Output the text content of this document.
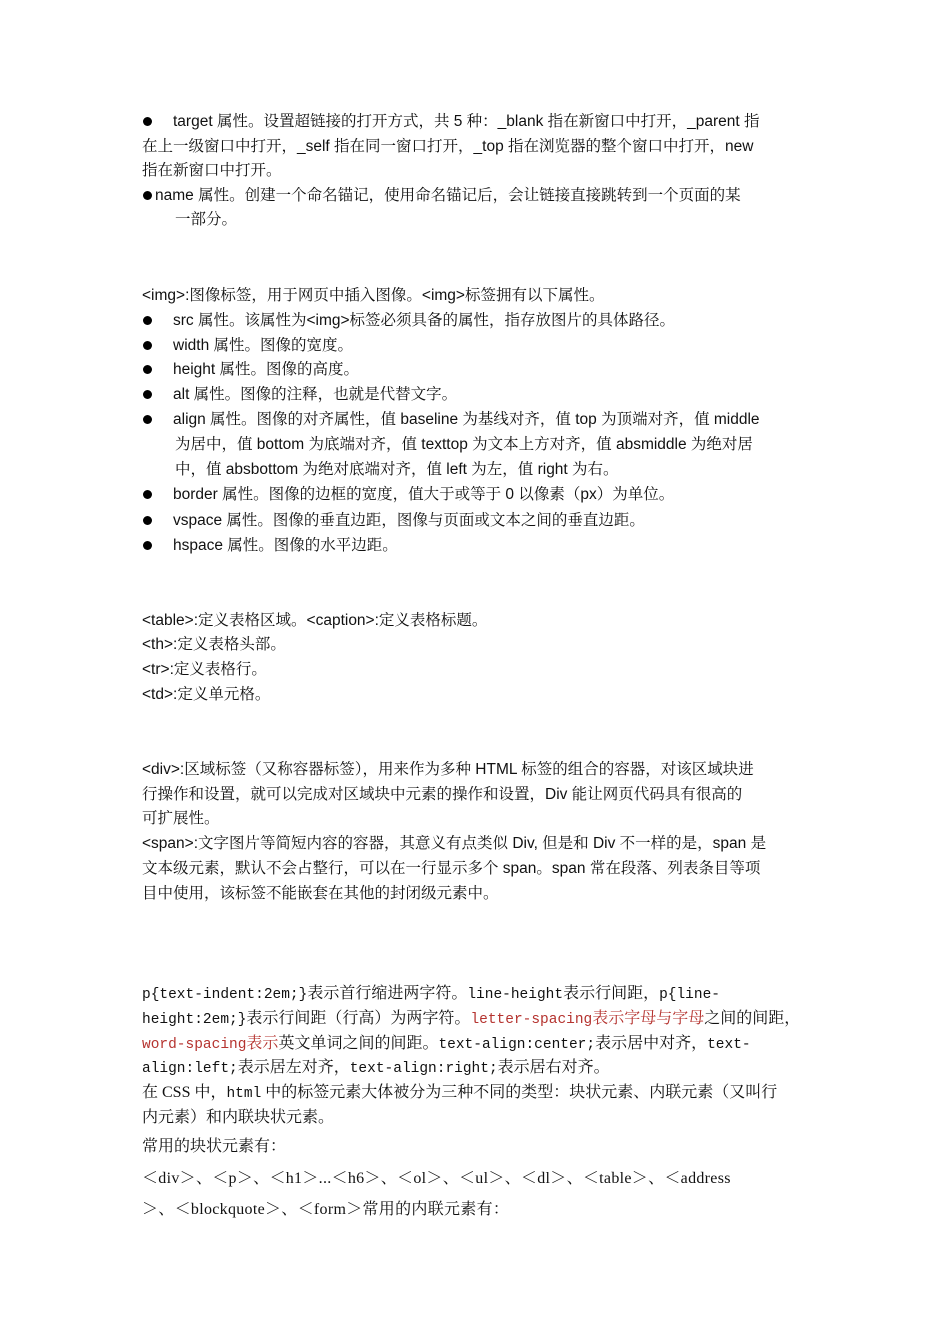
target 属性。设置超链接的打开方式，共 5 种：_blank 指在新窗口中打开，_parent 指
在上一级窗口中打开，_self 指在同一窗口打开，_top 指在浏览器的整个窗口中打开，new
指在新窗口中打开。
name 属性。创建一个命名锚记，使用命名锚记后，会让链接直接跳转到一个页面的某
一部分。
<img>:图像标签，用于网页中插入图像。<img>标签拥有以下属性。
src 属性。该属性为<img>标签必须具备的属性，指存放图片的具体路径。
width 属性。图像的宽度。
height 属性。图像的高度。
alt 属性。图像的注释，也就是代替文字。
align 属性。图像的对齐属性，值 baseline 为基线对齐，值 top 为顶端对齐，值 middle
为居中，值 bottom 为底端对齐，值 texttop 为文本上方对齐，值 absmiddle 为绝对居
中，值 absbottom 为绝对底端对齐，值 left 为左，值 right 为右。
border 属性。图像的边框的宽度，值大于或等于 0 以像素（px）为单位。
vspace 属性。图像的垂直边距，图像与页面或文本之间的垂直边距。
hspace 属性。图像的水平边距。
<table>:定义表格区域。<caption>:定义表格标题。
<th>:定义表格头部。
<tr>:定义表格行。
<td>:定义单元格。
<div>:区域标签（又称容器标签），用来作为多种 HTML 标签的组合的容器，对该区域块进
行操作和设置，就可以完成对区域块中元素的操作和设置，Div 能让网页代码具有很高的
可扩展性。
<span>:文字图片等简短内容的容器，其意义有点类似 Div, 但是和 Div 不一样的是，span 是
文本级元素，默认不会占整行，可以在一行显示多个 span。span 常在段落、列表条目等项
目中使用，该标签不能嵌套在其他的封闭级元素中。
p{text-indent:2em;}表示首行缩进两字符。line-height表示行间距，p{line-
height:2em;}表示行间距（行高）为两字符。letter-spacing表示字母与字母之间的间距，
word-spacing表示英文单词之间的间距。text-align:center;表示居中对齐，text-
align:left;表示居左对齐，text-align:right;表示居右对齐。
在 CSS 中，html 中的标签元素大体被分为三种不同的类型：块状元素、内联元素（又叫行
内元素）和内联块状元素。
常用的块状元素有：
＜div＞、＜p＞、＜h1＞...＜h6＞、＜ol＞、＜ul＞、＜dl＞、＜table＞、＜address
＞、＜blockquote＞、＜form＞常用的内联元素有：
